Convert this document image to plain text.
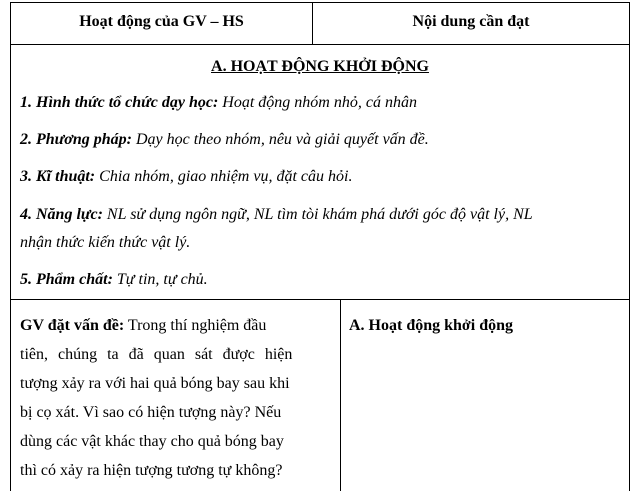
Hoạt động của GV – HS	Nội dung cần đạt
A. HOẠT ĐỘNG KHỞI ĐỘNG
1. Hình thức tổ chức dạy học: Hoạt động nhóm nhỏ, cá nhân
2. Phương pháp: Dạy học theo nhóm, nêu và giải quyết vấn đề.
3. Kĩ thuật: Chia nhóm, giao nhiệm vụ, đặt câu hỏi.
4. Năng lực: NL sử dụng ngôn ngữ, NL tìm tòi khám phá dưới góc độ vật lý, NL
nhận thức kiến thức vật lý.
5. Phẩm chất: Tự tin, tự chủ.
GV đặt vấn đề: Trong thí nghiệm đầu
tiên, chúng ta đã quan sát được hiện
tượng xảy ra với hai quả bóng bay sau khi
bị cọ xát. Vì sao có hiện tượng này? Nếu
dùng các vật khác thay cho quả bóng bay
thì có xảy ra hiện tượng tương tự không?
A. Hoạt động khởi động
